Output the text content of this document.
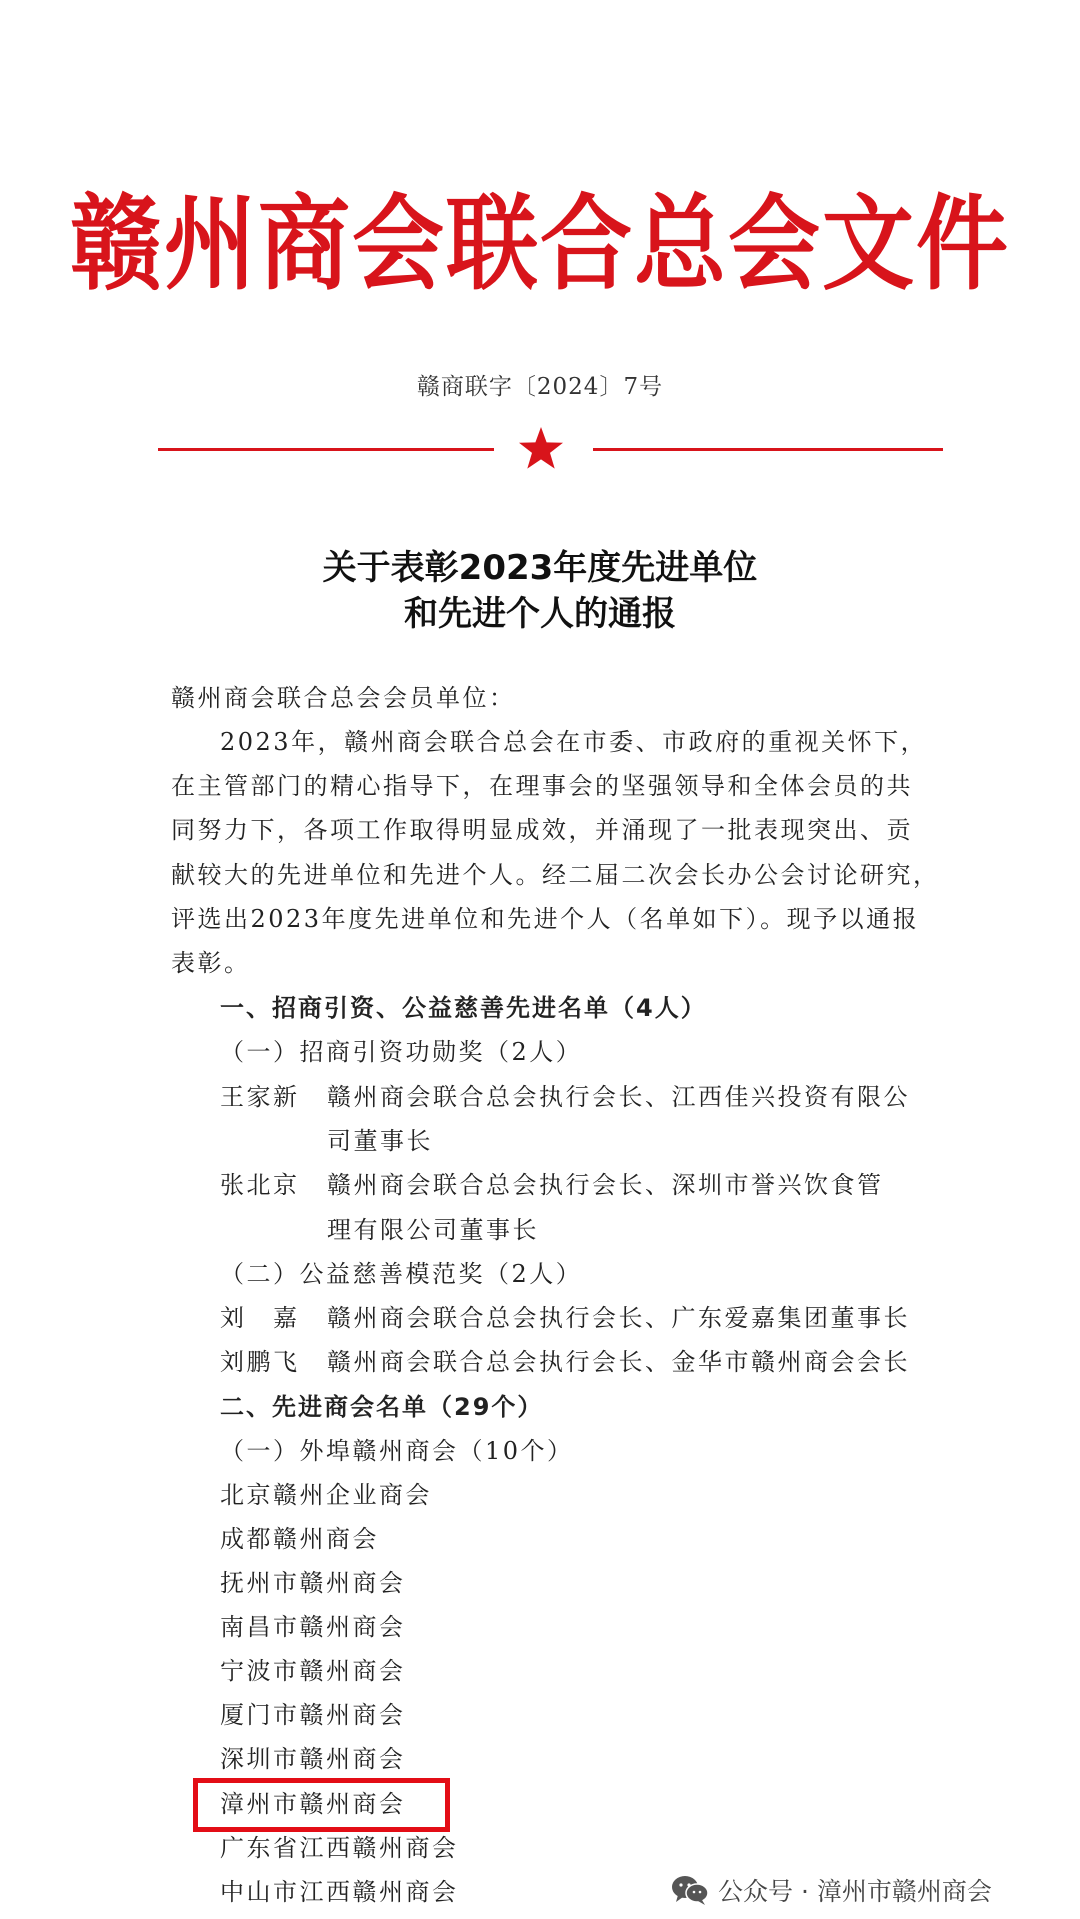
赣州商会联合总会文件
赣商联字〔2024〕7号
关于表彰2023年度先进单位
和先进个人的通报
赣州商会联合总会会员单位：
2023年，赣州商会联合总会在市委、市政府的重视关怀下，
在主管部门的精心指导下，在理事会的坚强领导和全体会员的共
同努力下，各项工作取得明显成效，并涌现了一批表现突出、贡
献较大的先进单位和先进个人。经二届二次会长办公会讨论研究，
评选出2023年度先进单位和先进个人（名单如下）。现予以通报
表彰。
一、招商引资、公益慈善先进名单（4人）
（一）招商引资功勋奖（2人）
王家新 赣州商会联合总会执行会长、江西佳兴投资有限公
司董事长
张北京 赣州商会联合总会执行会长、深圳市誉兴饮食管
理有限公司董事长
（二）公益慈善模范奖（2人）
刘　嘉 赣州商会联合总会执行会长、广东爱嘉集团董事长
刘鹏飞 赣州商会联合总会执行会长、金华市赣州商会会长
二、先进商会名单（29个）
（一）外埠赣州商会（10个）
北京赣州企业商会
成都赣州商会
抚州市赣州商会
南昌市赣州商会
宁波市赣州商会
厦门市赣州商会
深圳市赣州商会
漳州市赣州商会
广东省江西赣州商会
中山市江西赣州商会	公众号 · 漳州市赣州商会
